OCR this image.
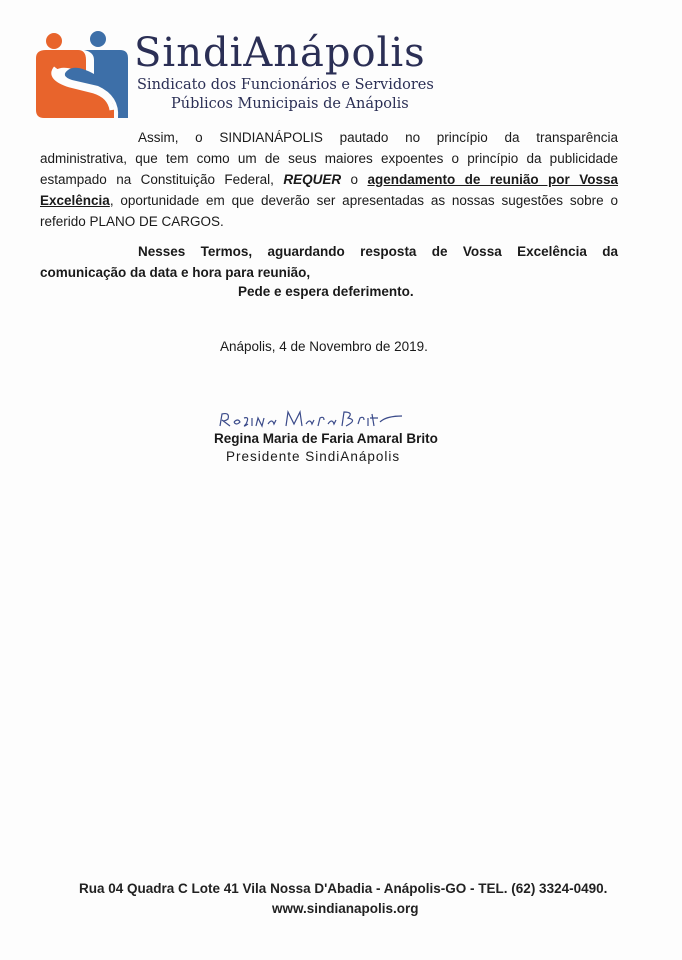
SindiAnápolis
Sindicato dos Funcionários e Servidores
Públicos Municipais de Anápolis
Assim, o SINDIANÁPOLIS pautado no princípio da transparência administrativa, que tem como um de seus maiores expoentes o princípio da publicidade estampado na Constituição Federal, REQUER o agendamento de reunião por Vossa Excelência, oportunidade em que deverão ser apresentadas as nossas sugestões sobre o referido PLANO DE CARGOS.
Nesses Termos, aguardando resposta de Vossa Excelência da comunicação da data e hora para reunião,
Pede e espera deferimento.
Anápolis, 4 de Novembro de 2019.
Regina Maria de Faria Amaral Brito
Presidente SindiAnápolis
Rua 04 Quadra C Lote 41 Vila Nossa D'Abadia - Anápolis-GO - TEL. (62) 3324-0490.
www.sindianapolis.org
